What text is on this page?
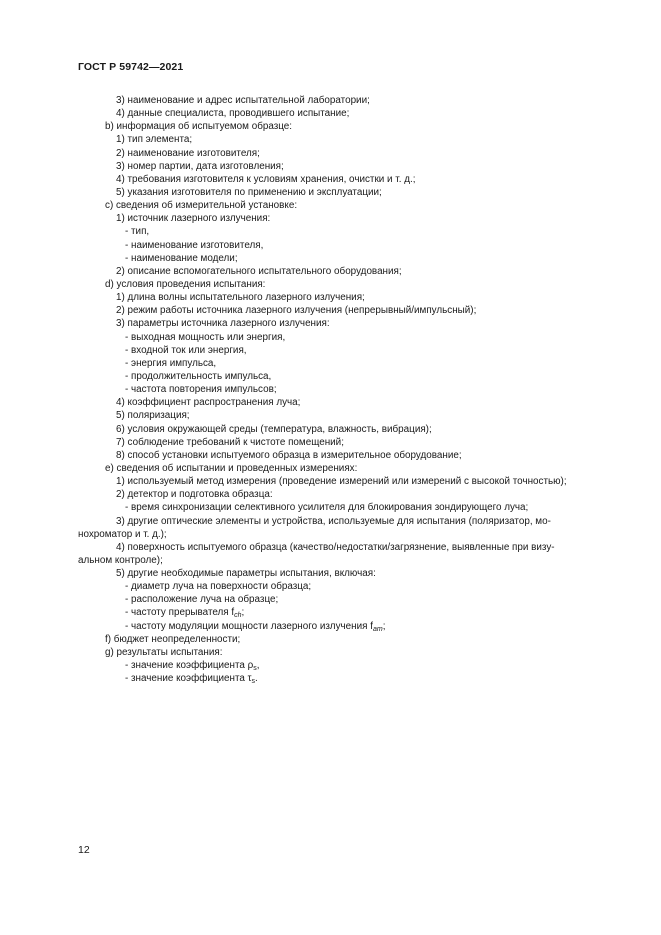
ГОСТ Р 59742—2021
3) наименование и адрес испытательной лаборатории;
4) данные специалиста, проводившего испытание;
b) информация об испытуемом образце:
1) тип элемента;
2) наименование изготовителя;
3) номер партии, дата изготовления;
4) требования изготовителя к условиям хранения, очистки и т. д.;
5) указания изготовителя по применению и эксплуатации;
c) сведения об измерительной установке:
1) источник лазерного излучения:
- тип,
- наименование изготовителя,
- наименование модели;
2) описание вспомогательного испытательного оборудования;
d) условия проведения испытания:
1) длина волны испытательного лазерного излучения;
2) режим работы источника лазерного излучения (непрерывный/импульсный);
3) параметры источника лазерного излучения:
- выходная мощность или энергия,
- входной ток или энергия,
- энергия импульса,
- продолжительность импульса,
- частота повторения импульсов;
4) коэффициент распространения луча;
5) поляризация;
6) условия окружающей среды (температура, влажность, вибрация);
7) соблюдение требований к чистоте помещений;
8) способ установки испытуемого образца в измерительное оборудование;
e) сведения об испытании и проведенных измерениях:
1) используемый метод измерения (проведение измерений или измерений с высокой точностью);
2) детектор и подготовка образца:
- время синхронизации селективного усилителя для блокирования зондирующего луча;
3) другие оптические элементы и устройства, используемые для испытания (поляризатор, мо-
нохроматор и т. д.);
4) поверхность испытуемого образца (качество/недостатки/загрязнение, выявленные при визу-
альном контроле);
5) другие необходимые параметры испытания, включая:
- диаметр луча на поверхности образца;
- расположение луча на образце;
- частоту прерывателя $f_{ch}$;
- частоту модуляции мощности лазерного излучения $f_{am}$;
f) бюджет неопределенности;
g) результаты испытания:
- значение коэффициента $\rho_s$,
- значение коэффициента $\tau_s$.
12
